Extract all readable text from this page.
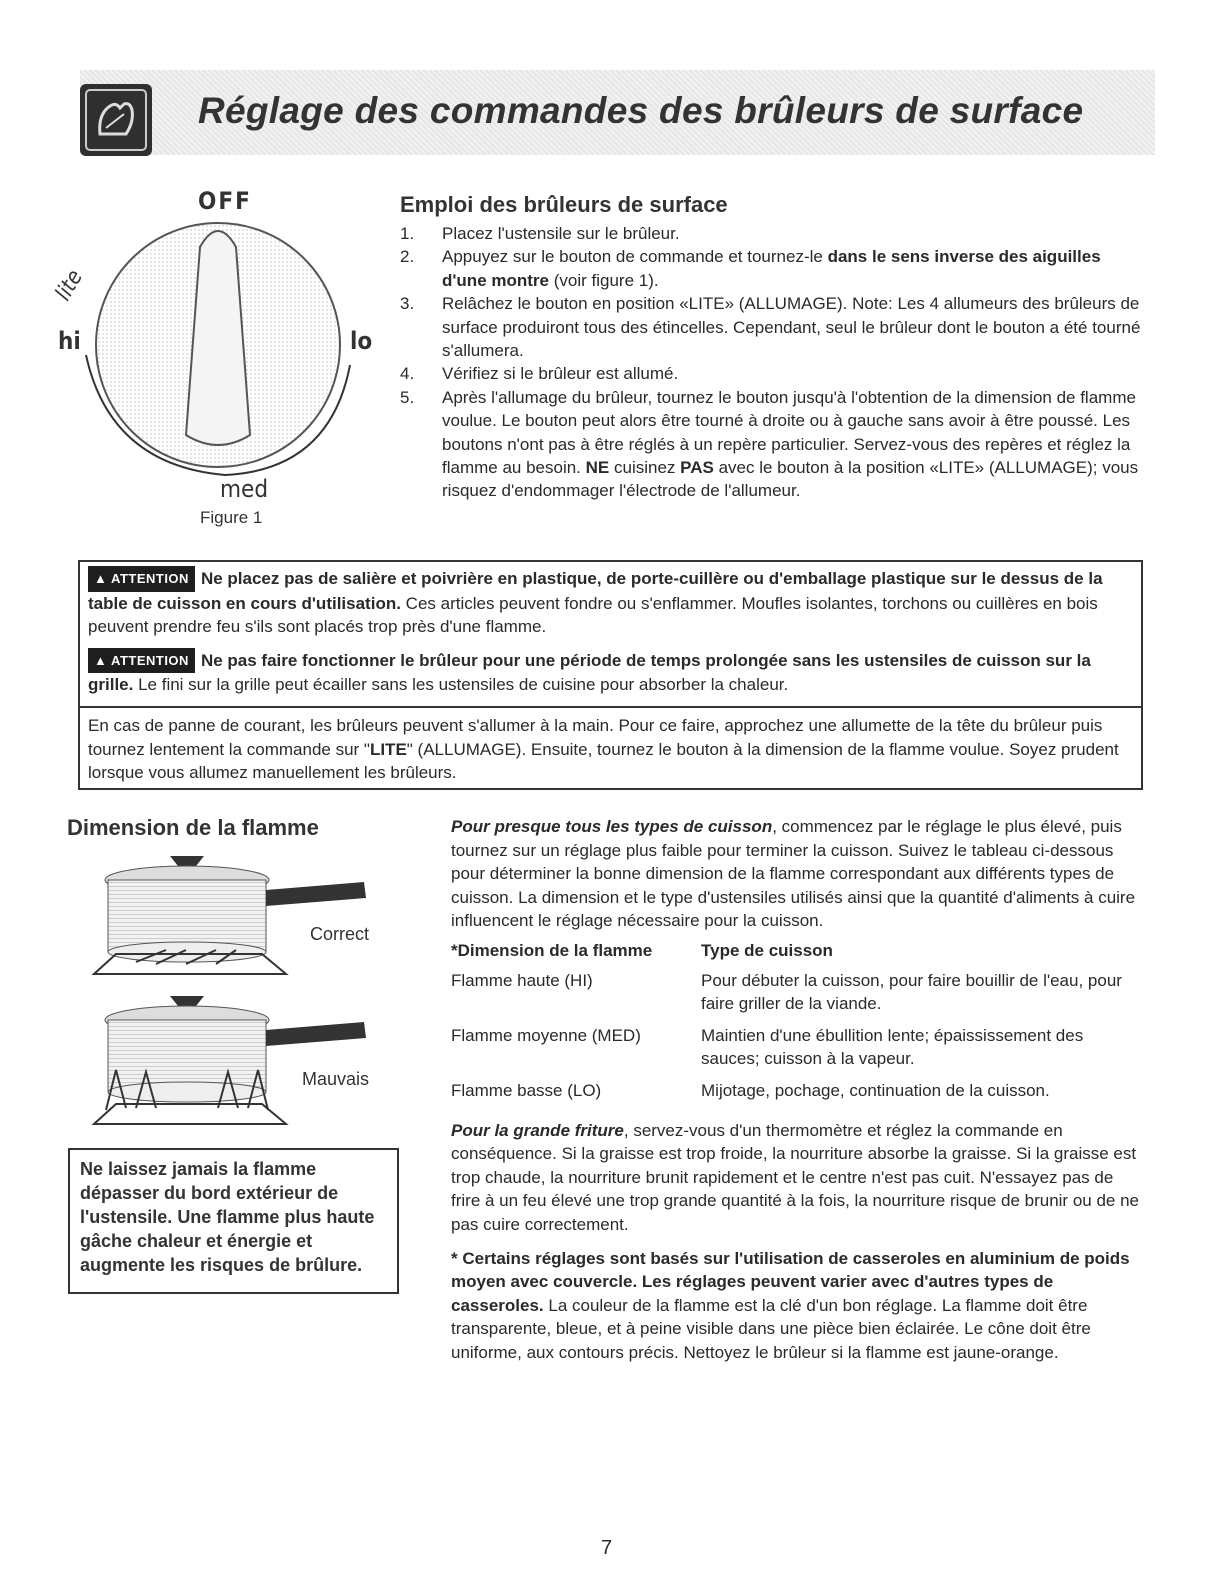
Réglage des commandes des brûleurs de surface
OFF
lite
hi	lo
med
Figure 1
Emploi des brûleurs de surface
1. Placez l'ustensile sur le brûleur.
2. Appuyez sur le bouton de commande et tournez-le dans le sens inverse des aiguilles d'une montre (voir figure 1).
3. Relâchez le bouton en position «LITE» (ALLUMAGE). Note: Les 4 allumeurs des brûleurs de surface produiront tous des étincelles. Cependant, seul le brûleur dont le bouton a été tourné s'allumera.
4. Vérifiez si le brûleur est allumé.
5. Après l'allumage du brûleur, tournez le bouton jusqu'à l'obtention de la dimension de flamme voulue. Le bouton peut alors être tourné à droite ou à gauche sans avoir à être poussé. Les boutons n'ont pas à être réglés à un repère particulier. Servez-vous des repères et réglez la flamme au besoin. NE cuisinez PAS avec le bouton à la position «LITE» (ALLUMAGE); vous risquez d'endommager l'électrode de l'allumeur.

▲ ATTENTION Ne placez pas de salière et poivrière en plastique, de porte-cuillère ou d'emballage plastique sur le dessus de la table de cuisson en cours d'utilisation. Ces articles peuvent fondre ou s'enflammer. Moufles isolantes, torchons ou cuillères en bois peuvent prendre feu s'ils sont placés trop près d'une flamme.

▲ ATTENTION Ne pas faire fonctionner le brûleur pour une période de temps prolongée sans les ustensiles de cuisson sur la grille. Le fini sur la grille peut écailler sans les ustensiles de cuisine pour absorber la chaleur.

En cas de panne de courant, les brûleurs peuvent s'allumer à la main. Pour ce faire, approchez une allumette de la tête du brûleur puis tournez lentement la commande sur "LITE" (ALLUMAGE). Ensuite, tournez le bouton à la dimension de la flamme voulue. Soyez prudent lorsque vous allumez manuellement les brûleurs.
Dimension de la flamme
Correct
Mauvais
Ne laissez jamais la flamme dépasser du bord extérieur de l'ustensile. Une flamme plus haute gâche chaleur et énergie et augmente les risques de brûlure.

Pour presque tous les types de cuisson, commencez par le réglage le plus élevé, puis tournez sur un réglage plus faible pour terminer la cuisson. Suivez le tableau ci-dessous pour déterminer la bonne dimension de la flamme correspondant aux différents types de cuisson. La dimension et le type d'ustensiles utilisés ainsi que la quantité d'aliments à cuire influencent le réglage nécessaire pour la cuisson.

*Dimension de la flamme	Type de cuisson
Flamme haute (HI)	Pour débuter la cuisson, pour faire bouillir de l'eau, pour faire griller de la viande.
Flamme moyenne (MED)	Maintien d'une ébullition lente; épaississement des sauces; cuisson à la vapeur.
Flamme basse (LO)	Mijotage, pochage, continuation de la cuisson.

Pour la grande friture, servez-vous d'un thermomètre et réglez la commande en conséquence. Si la graisse est trop froide, la nourriture absorbe la graisse. Si la graisse est trop chaude, la nourriture brunit rapidement et le centre n'est pas cuit. N'essayez pas de frire à un feu élevé une trop grande quantité à la fois, la nourriture risque de brunir ou de ne pas cuire correctement.

* Certains réglages sont basés sur l'utilisation de casseroles en aluminium de poids moyen avec couvercle. Les réglages peuvent varier avec d'autres types de casseroles. La couleur de la flamme est la clé d'un bon réglage. La flamme doit être transparente, bleue, et à peine visible dans une pièce bien éclairée. Le cône doit être uniforme, aux contours précis. Nettoyez le brûleur si la flamme est jaune-orange.

7
